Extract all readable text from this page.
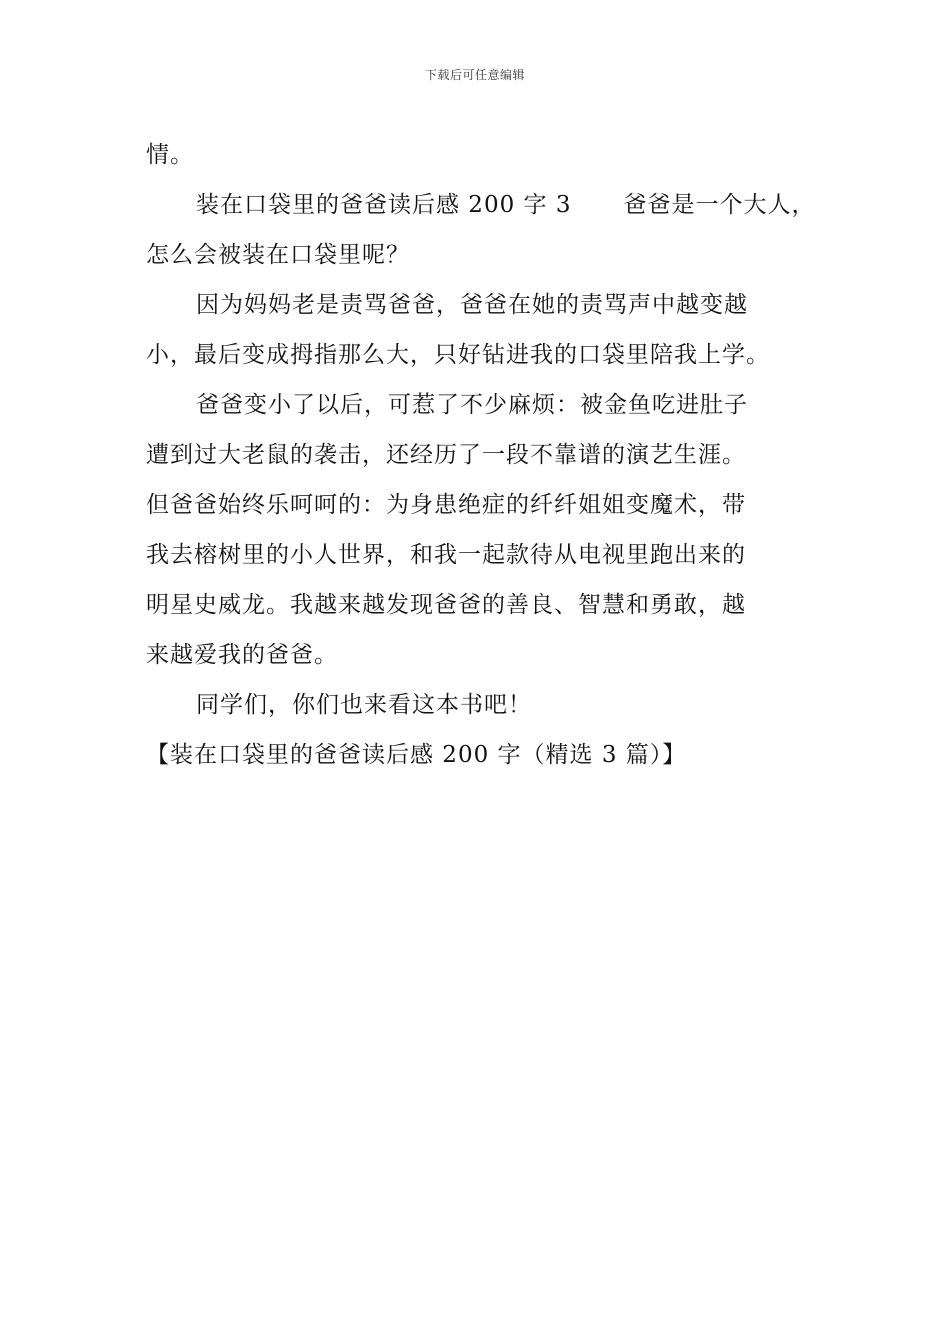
下载后可任意编辑
情。
装在口袋里的爸爸读后感 200 字 3 爸爸是一个大人，
怎么会被装在口袋里呢？
因为妈妈老是责骂爸爸，爸爸在她的责骂声中越变越
小，最后变成拇指那么大，只好钻进我的口袋里陪我上学。
爸爸变小了以后，可惹了不少麻烦：被金鱼吃进肚子
遭到过大老鼠的袭击，还经历了一段不靠谱的演艺生涯。
但爸爸始终乐呵呵的：为身患绝症的纤纤姐姐变魔术，带
我去榕树里的小人世界，和我一起款待从电视里跑出来的
明星史威龙。我越来越发现爸爸的善良、智慧和勇敢，越
来越爱我的爸爸。
同学们，你们也来看这本书吧！
【装在口袋里的爸爸读后感 200 字（精选 3 篇）】
